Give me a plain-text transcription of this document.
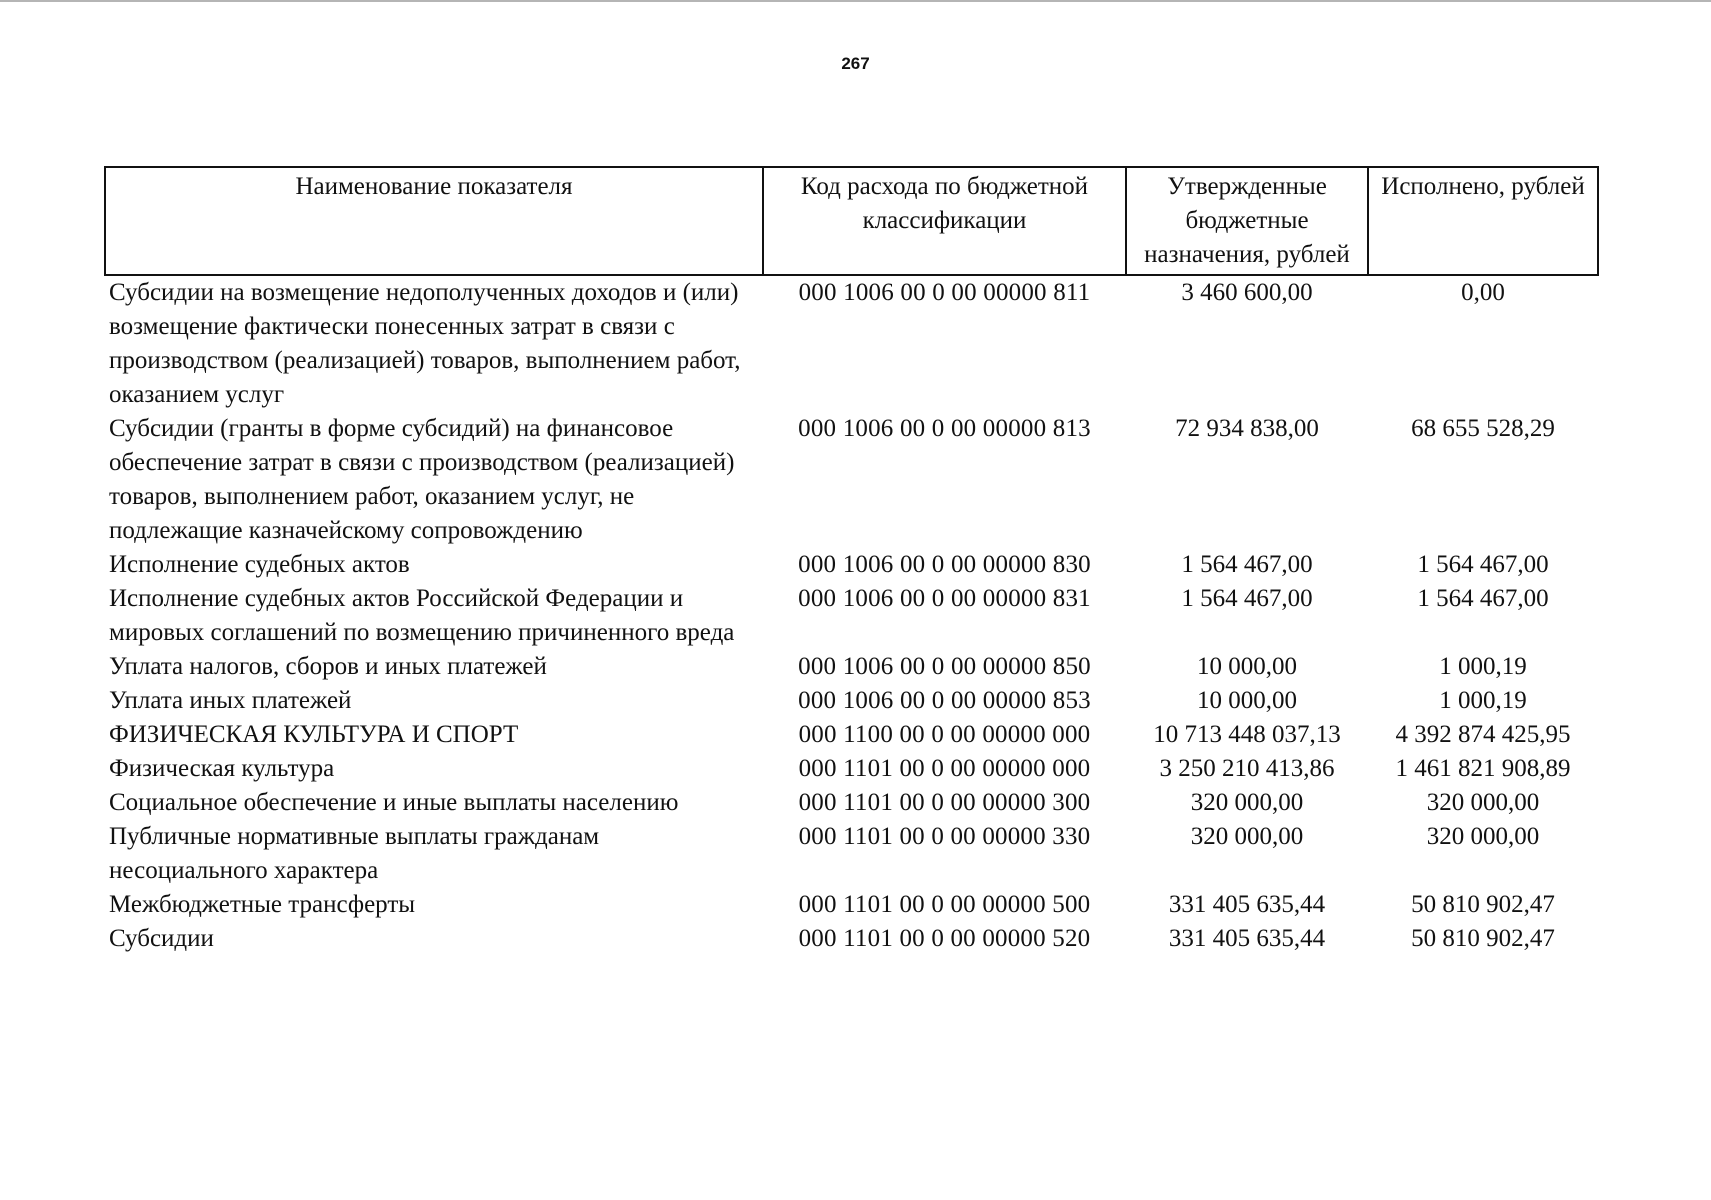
267
Наименование показателя	Код расхода по бюджетной классификации	Утвержденные бюджетные назначения, рублей	Исполнено, рублей
Субсидии на возмещение недополученных доходов и (или) возмещение фактически понесенных затрат в связи с производством (реализацией) товаров, выполнением работ, оказанием услуг	000 1006 00 0 00 00000 811	3 460 600,00	0,00
Субсидии (гранты в форме субсидий) на финансовое обеспечение затрат в связи с производством (реализацией) товаров, выполнением работ, оказанием услуг, не подлежащие казначейскому сопровождению	000 1006 00 0 00 00000 813	72 934 838,00	68 655 528,29
Исполнение судебных актов	000 1006 00 0 00 00000 830	1 564 467,00	1 564 467,00
Исполнение судебных актов Российской Федерации и мировых соглашений по возмещению причиненного вреда	000 1006 00 0 00 00000 831	1 564 467,00	1 564 467,00
Уплата налогов, сборов и иных платежей	000 1006 00 0 00 00000 850	10 000,00	1 000,19
Уплата иных платежей	000 1006 00 0 00 00000 853	10 000,00	1 000,19
ФИЗИЧЕСКАЯ КУЛЬТУРА И СПОРТ	000 1100 00 0 00 00000 000	10 713 448 037,13	4 392 874 425,95
Физическая культура	000 1101 00 0 00 00000 000	3 250 210 413,86	1 461 821 908,89
Социальное обеспечение и иные выплаты населению	000 1101 00 0 00 00000 300	320 000,00	320 000,00
Публичные нормативные выплаты гражданам несоциального характера	000 1101 00 0 00 00000 330	320 000,00	320 000,00
Межбюджетные трансферты	000 1101 00 0 00 00000 500	331 405 635,44	50 810 902,47
Субсидии	000 1101 00 0 00 00000 520	331 405 635,44	50 810 902,47
